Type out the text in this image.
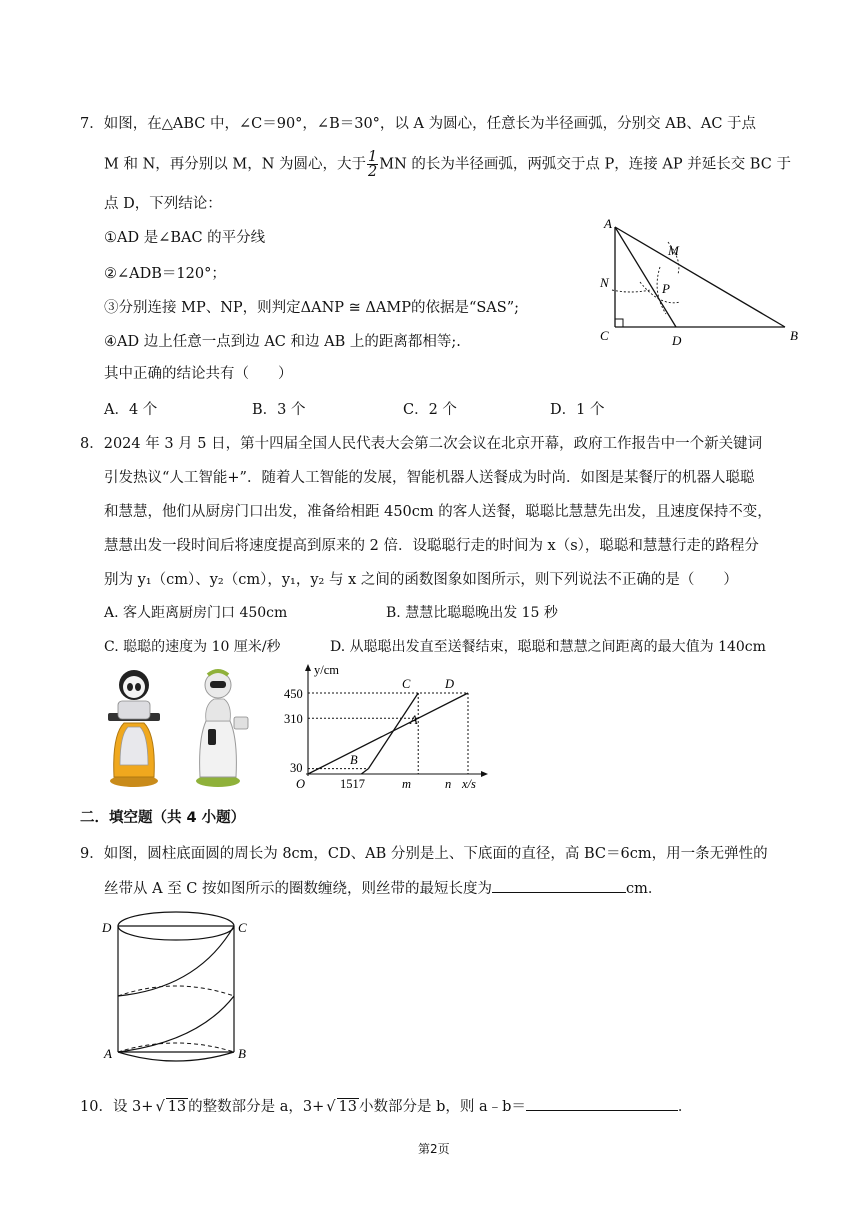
7．如图，在△ABC 中，∠C＝90°，∠B＝30°，以 A 为圆心，任意长为半径画弧，分别交 AB、AC 于点
M 和 N，再分别以 M，N 为圆心，大于 $\frac{1}{2}$ MN 的长为半径画弧，两弧交于点 P，连接 AP 并延长交 BC 于
点 D，下列结论：
①AD 是∠BAC 的平分线
②∠ADB＝120°；
③分别连接 MP、NP，则判定ΔANP ≅ ΔAMP的依据是“SAS”;
④AD 边上任意一点到边 AC 和边 AB 上的距离都相等;.
其中正确的结论共有（　　）
A．4 个	B．3 个	C．2 个	D．1 个
A
B
C	D
M
N	P
8．2024 年 3 月 5 日，第十四届全国人民代表大会第二次会议在北京开幕，政府工作报告中一个新关键词
引发热议“人工智能+”．随着人工智能的发展，智能机器人送餐成为时尚．如图是某餐厅的机器人聪聪
和慧慧，他们从厨房门口出发，准备给相距 450cm 的客人送餐，聪聪比慧慧先出发，且速度保持不变，
慧慧出发一段时间后将速度提高到原来的 2 倍．设聪聪行走的时间为 x（s），聪聪和慧慧行走的路程分
别为 y₁（cm）、y₂（cm），y₁，y₂ 与 x 之间的函数图象如图所示，则下列说法不正确的是（　　）
A. 客人距离厨房门口 450cm	B. 慧慧比聪聪晚出发 15 秒
C. 聪聪的速度为 10 厘米/秒	D. 从聪聪出发直至送餐结束，聪聪和慧慧之间距离的最大值为 140cm
y/cm
x/s
450
310
30
O	1517	m	n
A
B
C	D
二．填空题（共 4 小题）
9．如图，圆柱底面圆的周长为 8cm，CD、AB 分别是上、下底面的直径，高 BC＝6cm，用一条无弹性的
丝带从 A 至 C 按如图所示的圈数缠绕，则丝带的最短长度为	cm．
D	C
A	B
10．设 3+ √ 13 的整数部分是 a，3+ √ 13 小数部分是 b，则 a﹣b＝	．
第2页
